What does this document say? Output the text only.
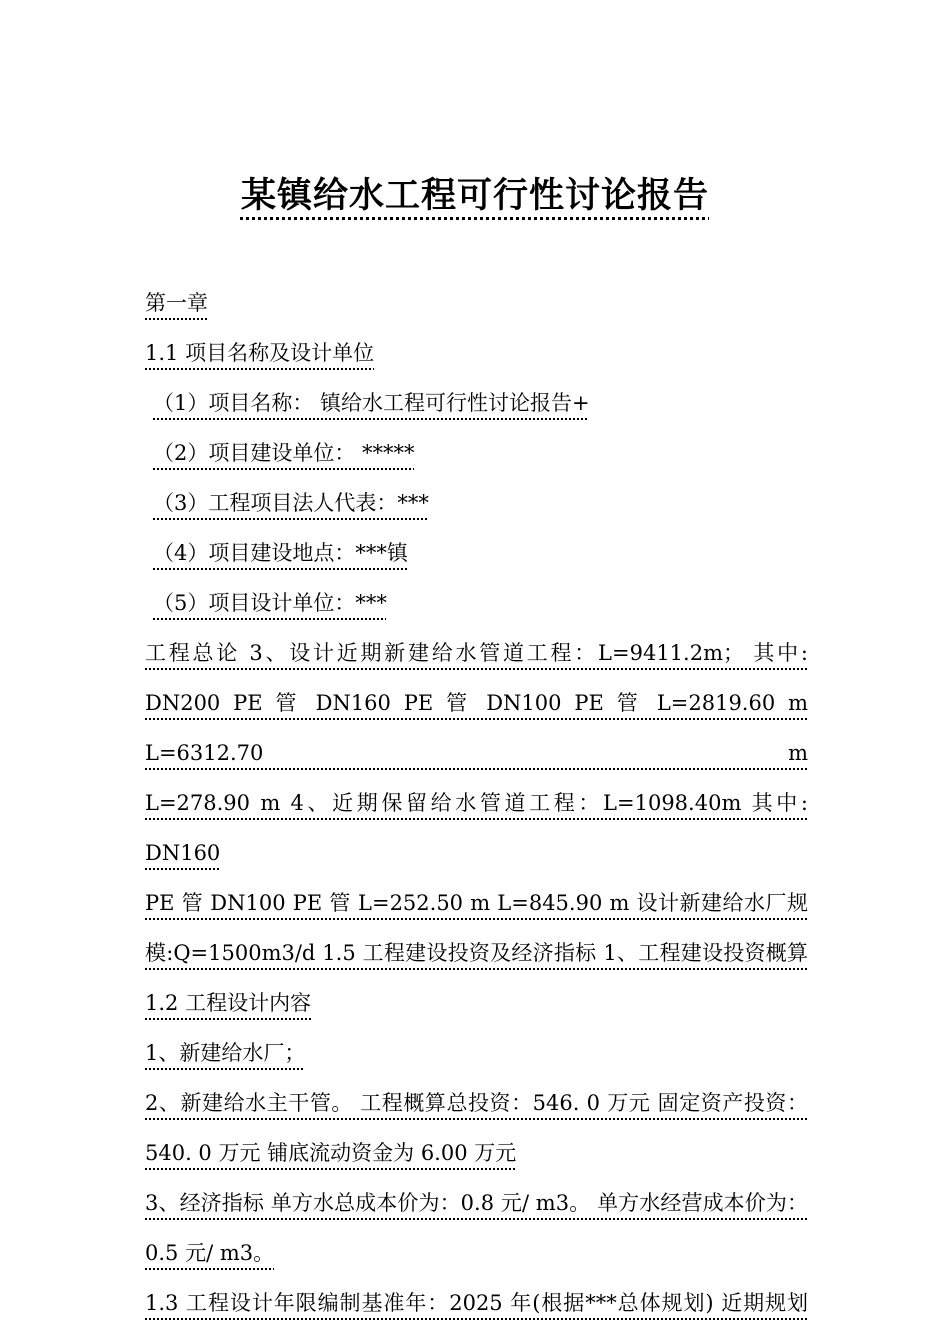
某镇给水工程可行性讨论报告
第一章
1.1 项目名称及设计单位
（1）项目名称： 镇给水工程可行性讨论报告+
（2）项目建设单位： *****
（3）工程项目法人代表：***
（4）项目建设地点：***镇
（5）项目设计单位：***
工程总论 3、设计近期新建给水管道工程：L=9411.2m； 其中:
DN200 PE 管 DN160 PE 管 DN100 PE 管 L=2819.60 m L=6312.70 m
L=278.90 m 4、近期保留给水管道工程：L=1098.40m 其中: DN160
PE 管 DN100 PE 管 L=252.50 m L=845.90 m 设计新建给水厂规
模:Q=1500m3/d 1.5 工程建设投资及经济指标 1、工程建设投资概算
1.2 工程设计内容
1、新建给水厂；
2、新建给水主干管。 工程概算总投资：546. 0 万元 固定资产投资：
540. 0 万元 铺底流动资金为 6.00 万元
3、经济指标 单方水总成本价为：0.8 元/ m3。 单方水经营成本价为：
0.5 元/ m3。
1.3 工程设计年限编制基准年：2025 年(根据***总体规划) 近期规划
